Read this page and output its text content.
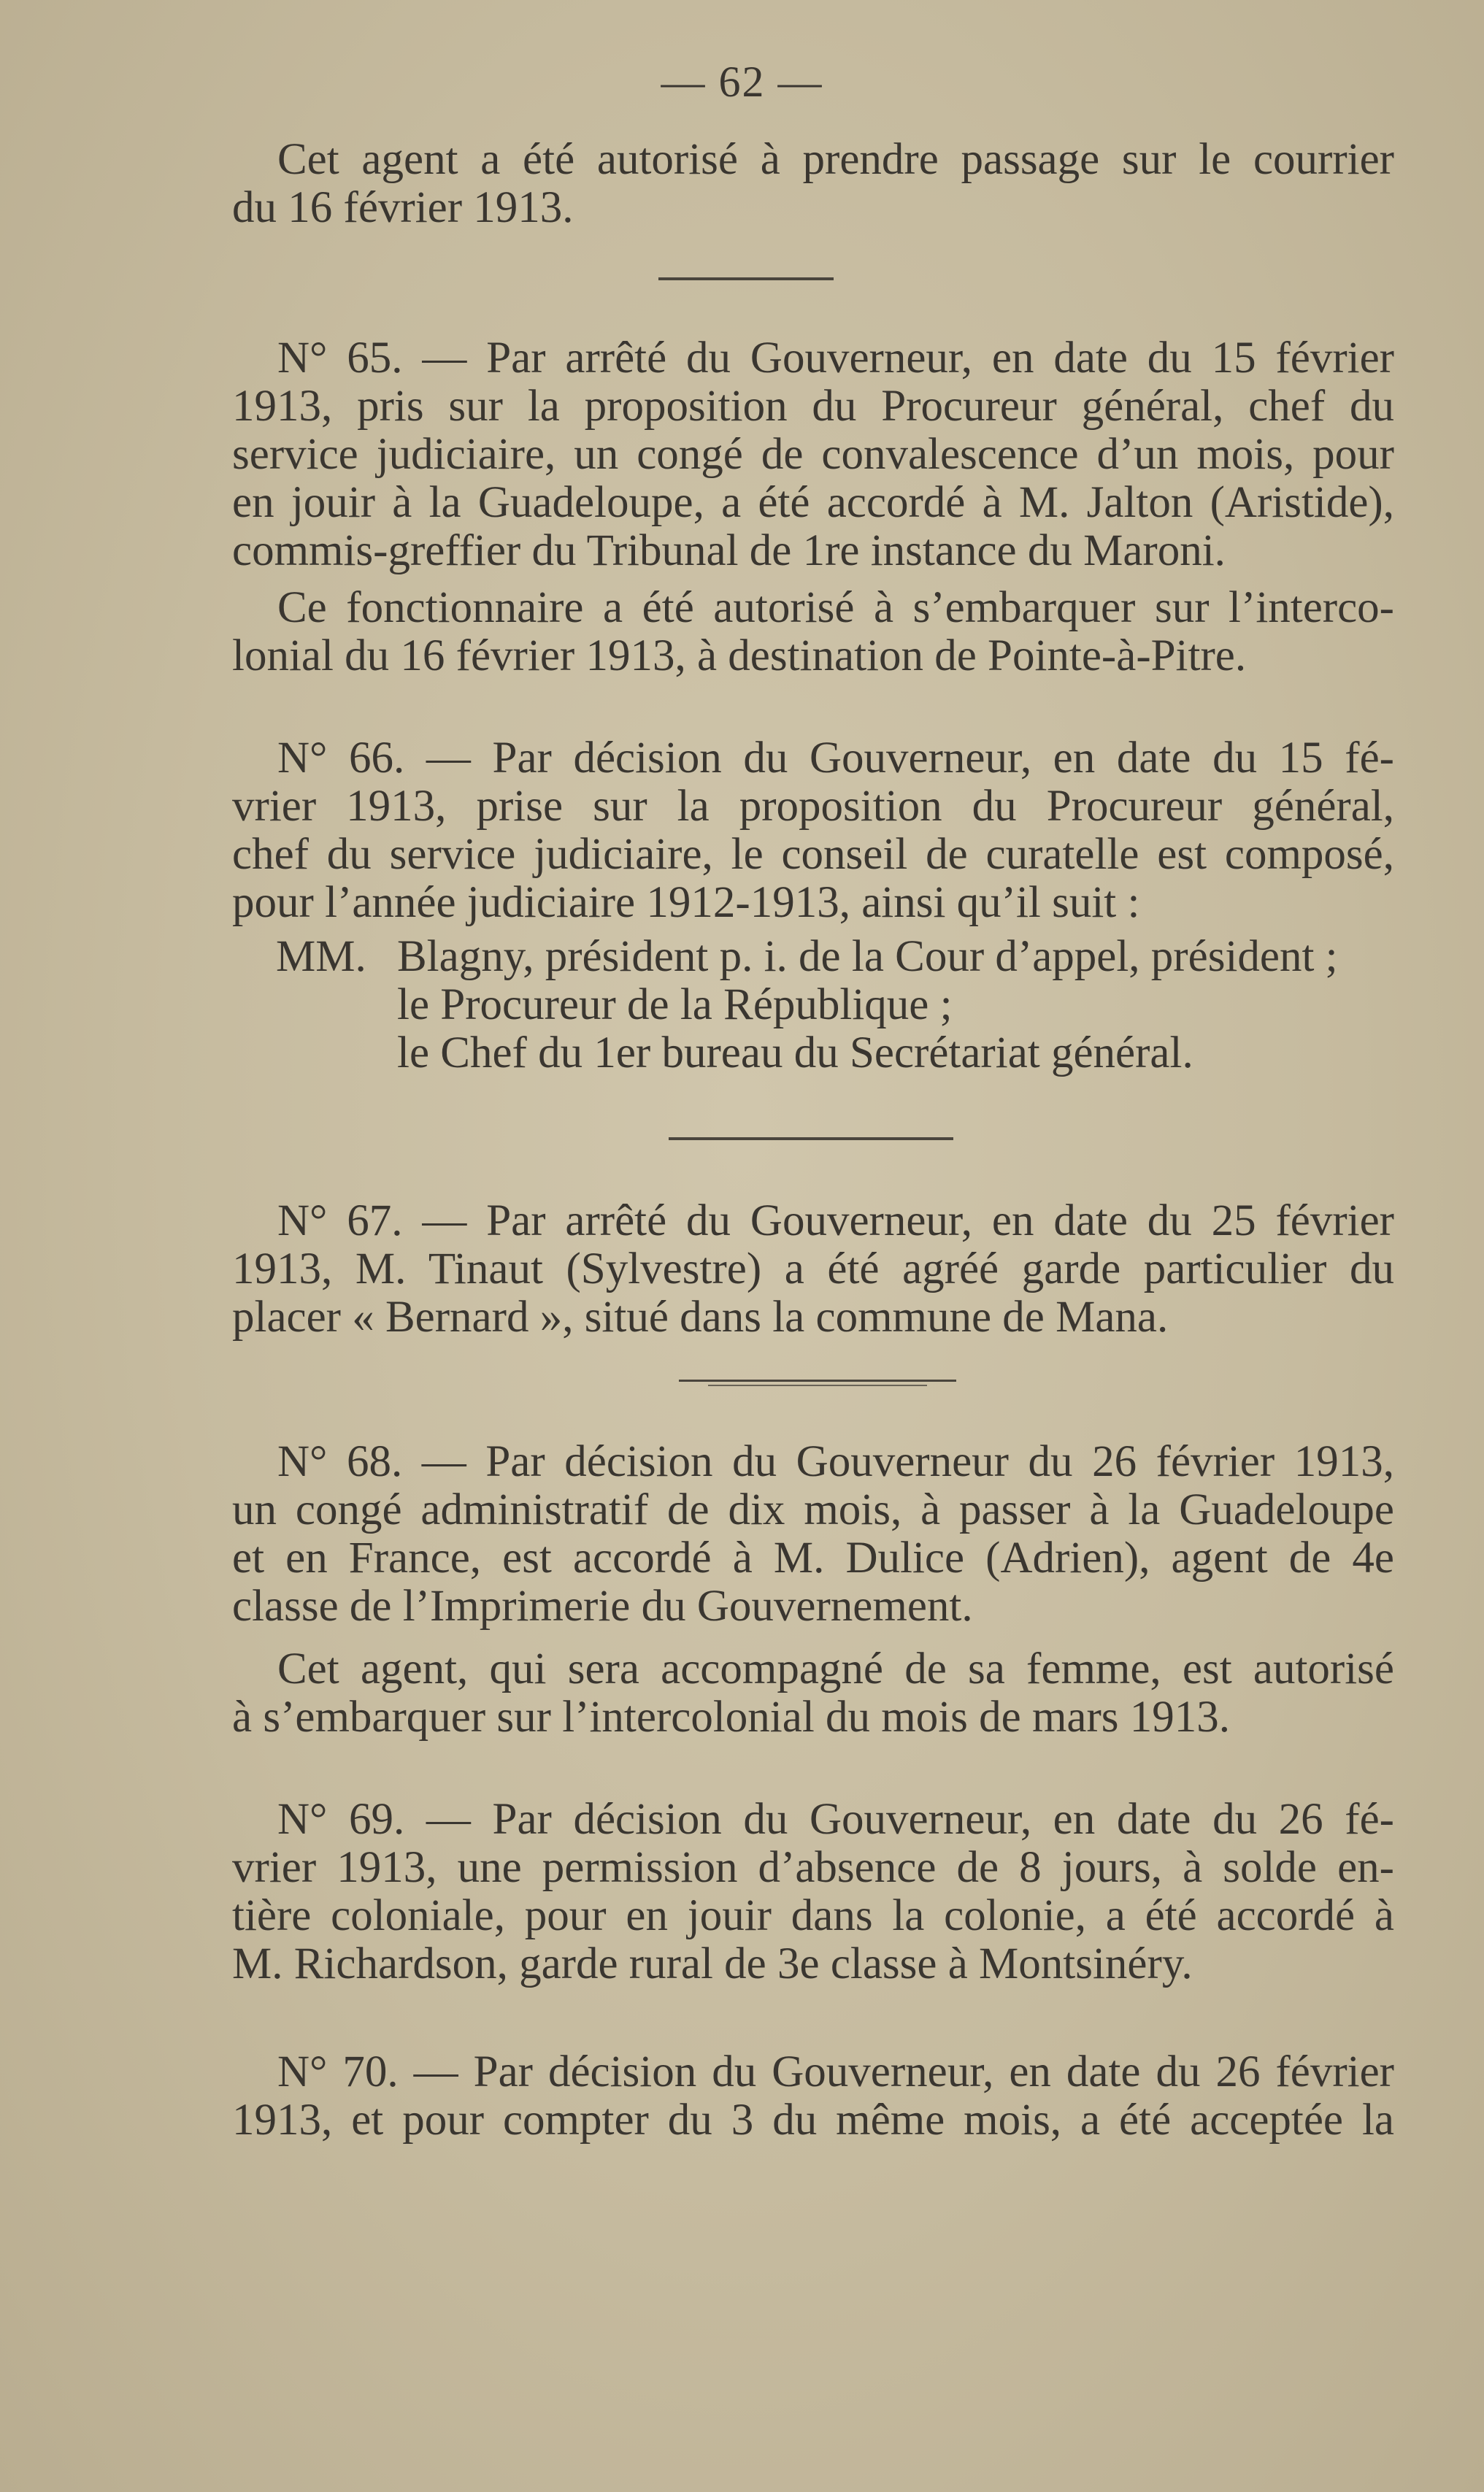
— 62 —
Cet agent a été autorisé à prendre passage sur le courrier
du 16 février 1913.
N° 65. — Par arrêté du Gouverneur, en date du 15 février
1913, pris sur la proposition du Procureur général, chef du
service judiciaire, un congé de convalescence d’un mois, pour
en jouir à la Guadeloupe, a été accordé à M. Jalton (Aristide),
commis-greffier du Tribunal de 1re instance du Maroni.
Ce fonctionnaire a été autorisé à s’embarquer sur l’interco-
lonial du 16 février 1913, à destination de Pointe-à-Pitre.
N° 66. — Par décision du Gouverneur, en date du 15 fé-
vrier 1913, prise sur la proposition du Procureur général,
chef du service judiciaire, le conseil de curatelle est composé,
pour l’année judiciaire 1912-1913, ainsi qu’il suit :
MM. Blagny, président p. i. de la Cour d’appel, président ;
le Procureur de la République ;
le Chef du 1er bureau du Secrétariat général.
N° 67. — Par arrêté du Gouverneur, en date du 25 février
1913, M. Tinaut (Sylvestre) a été agréé garde particulier du
placer « Bernard », situé dans la commune de Mana.
N° 68. — Par décision du Gouverneur du 26 février 1913,
un congé administratif de dix mois, à passer à la Guadeloupe
et en France, est accordé à M. Dulice (Adrien), agent de 4e
classe de l’Imprimerie du Gouvernement.
Cet agent, qui sera accompagné de sa femme, est autorisé
à s’embarquer sur l’intercolonial du mois de mars 1913.
N° 69. — Par décision du Gouverneur, en date du 26 fé-
vrier 1913, une permission d’absence de 8 jours, à solde en-
tière coloniale, pour en jouir dans la colonie, a été accordé à
M. Richardson, garde rural de 3e classe à Montsinéry.
N° 70. — Par décision du Gouverneur, en date du 26 février
1913, et pour compter du 3 du même mois, a été acceptée la
